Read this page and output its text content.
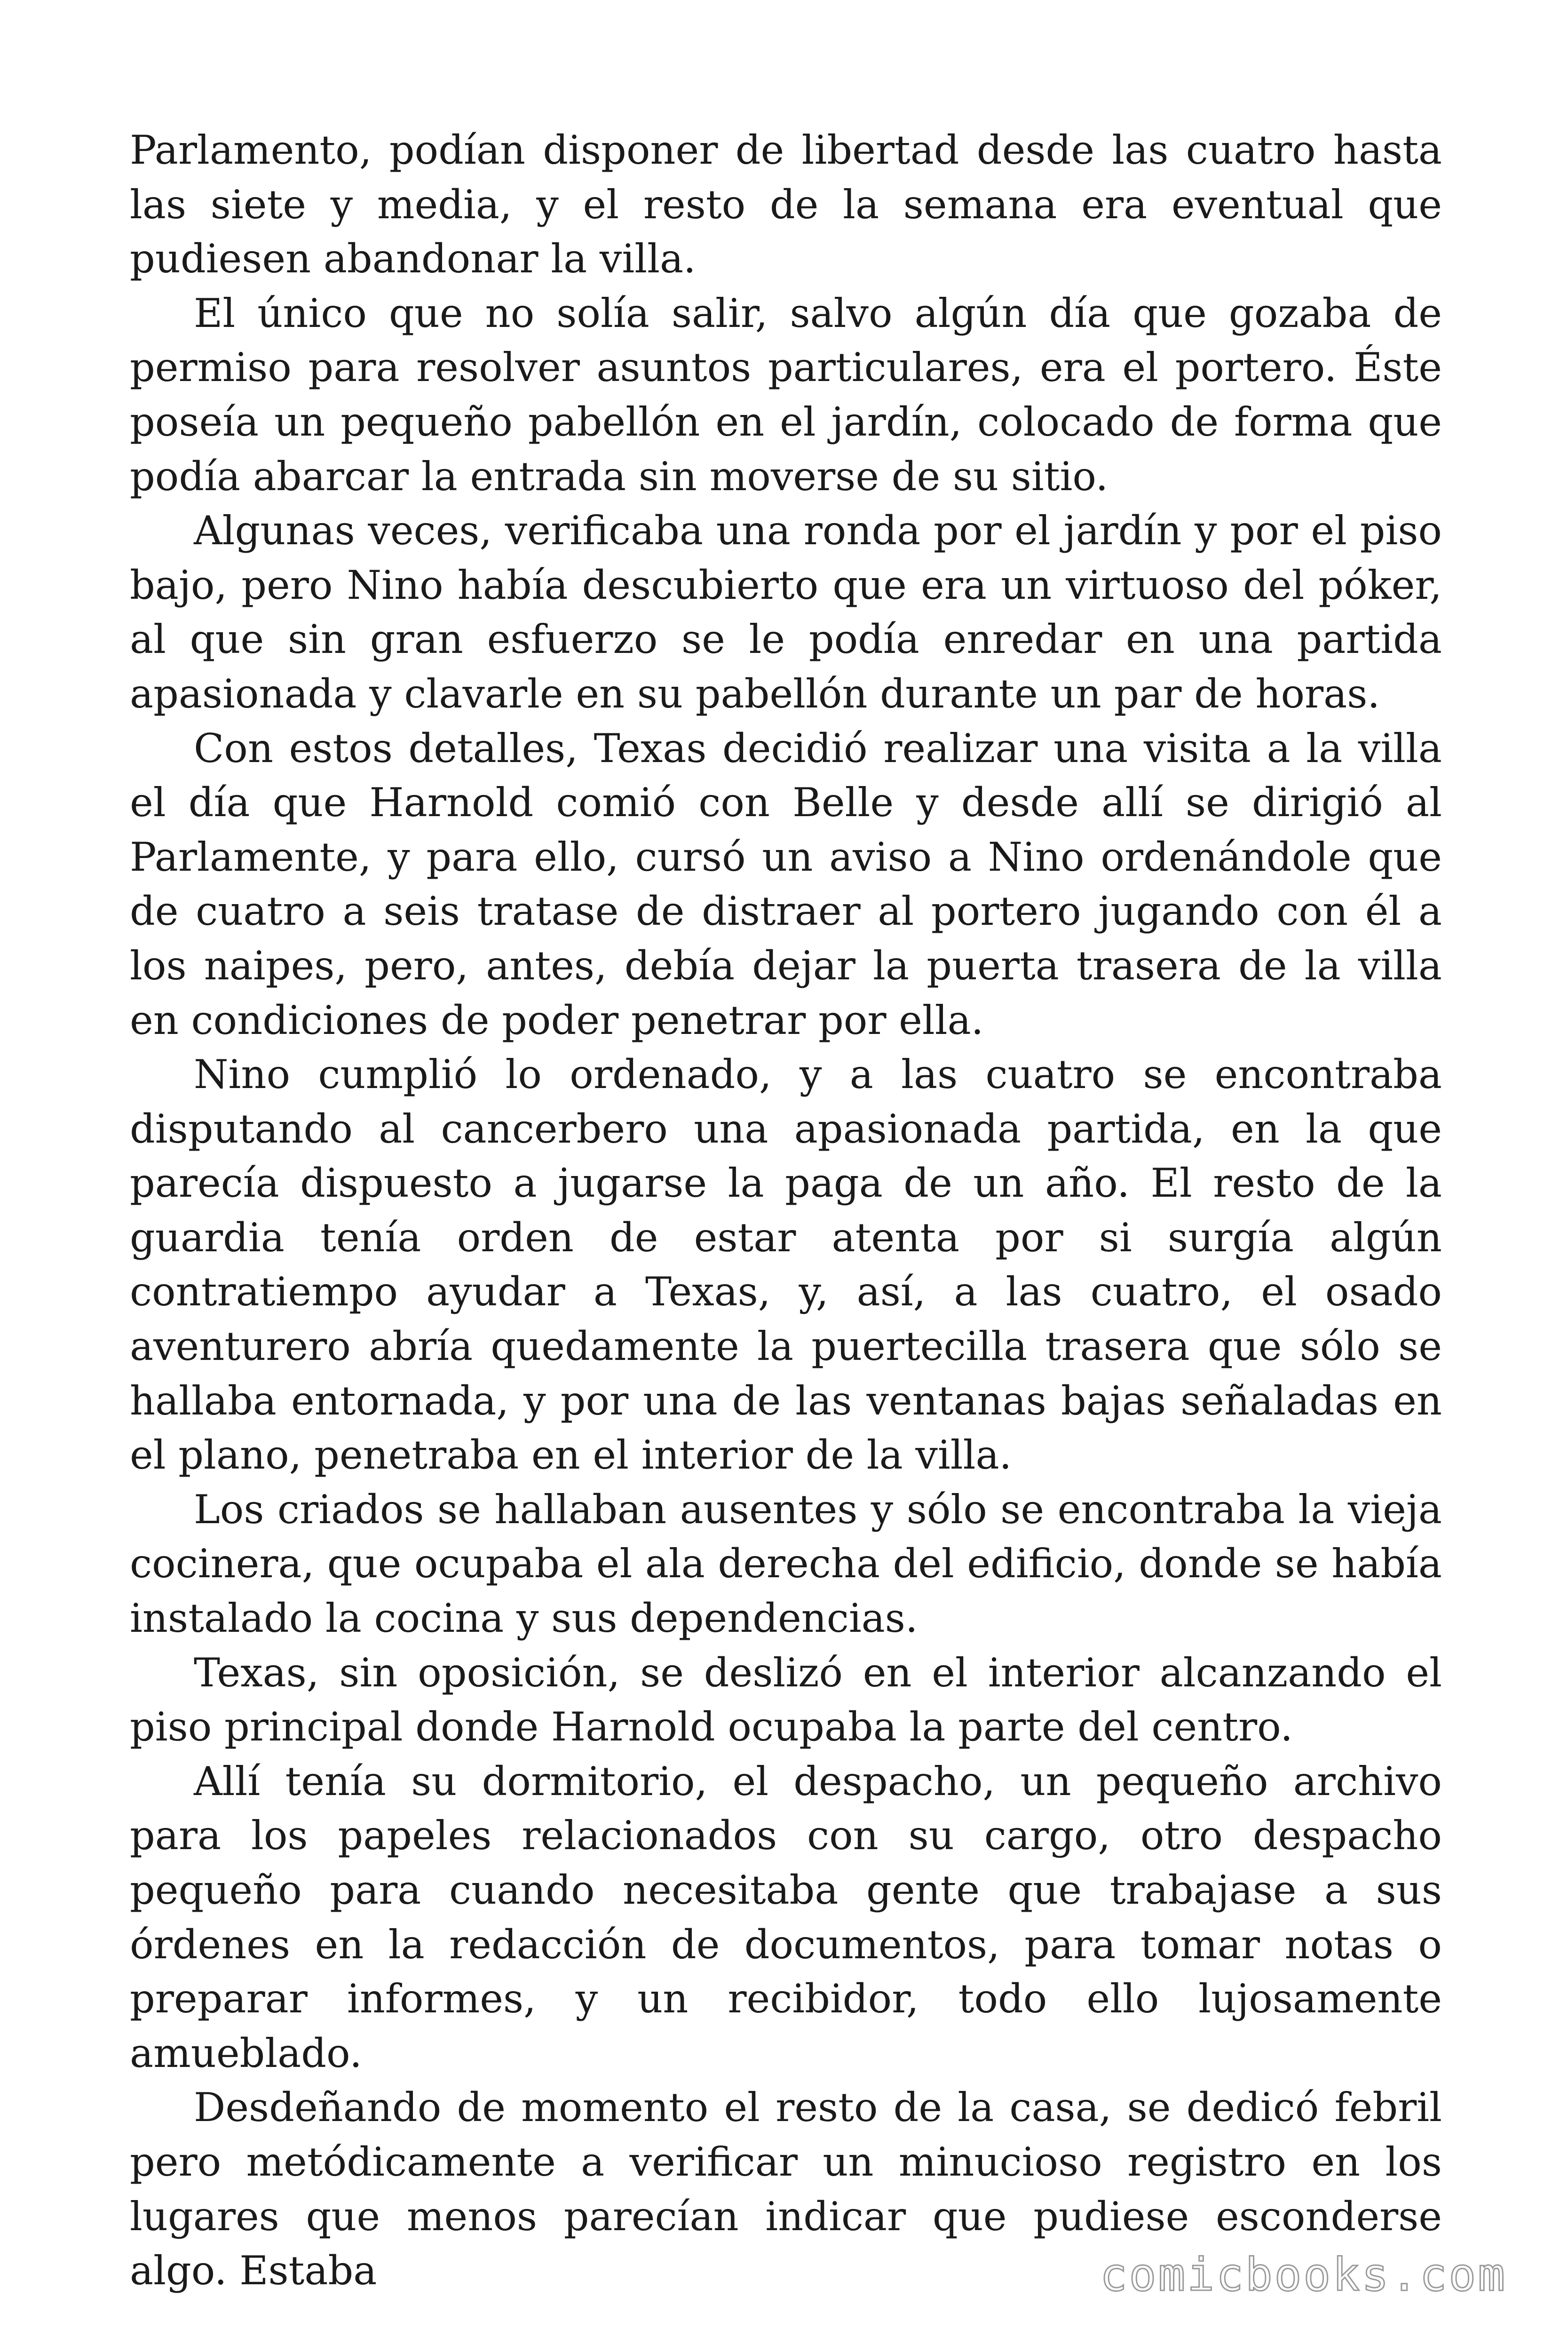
Parlamento, podían disponer de libertad desde las cuatro hasta las siete y media, y el resto de la semana era eventual que pudiesen abandonar la villa.

El único que no solía salir, salvo algún día que gozaba de permiso para resolver asuntos particulares, era el portero. Éste poseía un pequeño pabellón en el jardín, colocado de forma que podía abarcar la entrada sin moverse de su sitio.

Algunas veces, verificaba una ronda por el jardín y por el piso bajo, pero Nino había descubierto que era un virtuoso del póker, al que sin gran esfuerzo se le podía enredar en una partida apasionada y clavarle en su pabellón durante un par de horas.

Con estos detalles, Texas decidió realizar una visita a la villa el día que Harnold comió con Belle y desde allí se dirigió al Parlamente, y para ello, cursó un aviso a Nino ordenándole que de cuatro a seis tratase de distraer al portero jugando con él a los naipes, pero, antes, debía dejar la puerta trasera de la villa en condiciones de poder penetrar por ella.

Nino cumplió lo ordenado, y a las cuatro se encontraba disputando al cancerbero una apasionada partida, en la que parecía dispuesto a jugarse la paga de un año. El resto de la guardia tenía orden de estar atenta por si surgía algún contratiempo ayudar a Texas, y, así, a las cuatro, el osado aventurero abría quedamente la puertecilla trasera que sólo se hallaba entornada, y por una de las ventanas bajas señaladas en el plano, penetraba en el interior de la villa.

Los criados se hallaban ausentes y sólo se encontraba la vieja cocinera, que ocupaba el ala derecha del edificio, donde se había instalado la cocina y sus dependencias.

Texas, sin oposición, se deslizó en el interior alcanzando el piso principal donde Harnold ocupaba la parte del centro.

Allí tenía su dormitorio, el despacho, un pequeño archivo para los papeles relacionados con su cargo, otro despacho pequeño para cuando necesitaba gente que trabajase a sus órdenes en la redacción de documentos, para tomar notas o preparar informes, y un recibidor, todo ello lujosamente amueblado.

Desdeñando de momento el resto de la casa, se dedicó febril pero metódicamente a verificar un minucioso registro en los lugares que menos parecían indicar que pudiese esconderse algo. Estaba	comicbooks.com
